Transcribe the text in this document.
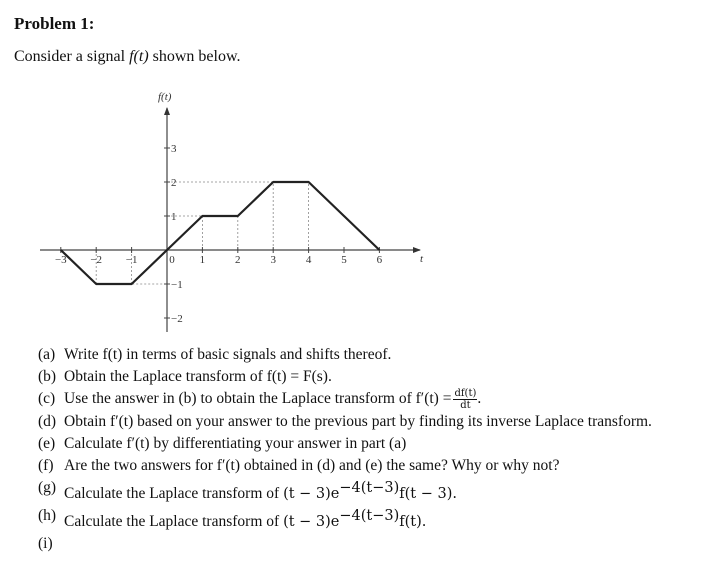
Problem 1:
Consider a signal f(t) shown below.
f(t)
t
−3 −2 −1	0 1	2	3	4	5	6
3
2
1
−1
−2
(a) Write f(t) in terms of basic signals and shifts thereof.
(b) Obtain the Laplace transform of f(t) = F(s).
(c) Use the answer in (b) to obtain the Laplace transform of $f'(t) = \frac{df(t)}{dt}$ .
(d) Obtain f′(t) based on your answer to the previous part by finding its inverse Laplace transform.
(e) Calculate f′(t) by differentiating your answer in part (a)
(f) Are the two answers for f′(t) obtained in (d) and (e) the same? Why or why not?
(g) Calculate the Laplace transform of $(t - 3)e^{-4(t-3)}f(t - 3)$.
(h) Calculate the Laplace transform of $(t - 3)e^{-4(t-3)}f(t)$.
(i)
